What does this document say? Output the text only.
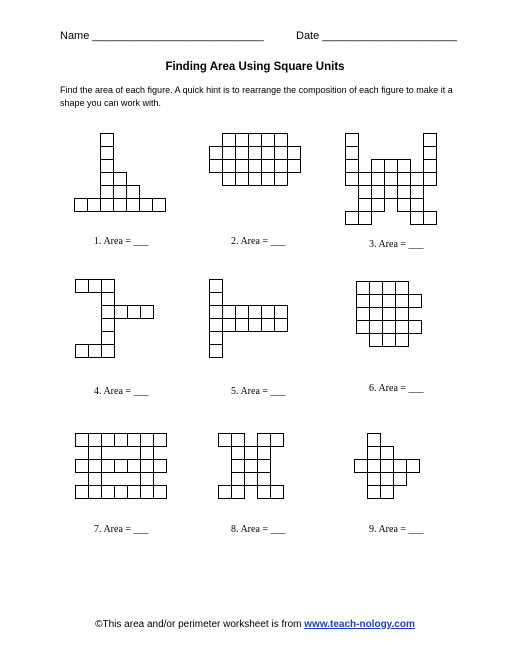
Name ____________________________	Date ______________________
Finding Area Using Square Units
Find the area of each figure. A quick hint is to rearrange the composition of each figure to make it a shape you can work with.
1. Area = ___	2. Area = ___	3. Area = ___
4. Area = ___	5. Area = ___	6. Area = ___
7. Area = ___	8. Area = ___	9. Area = ___
©This area and/or perimeter worksheet is from www.teach-nology.com
